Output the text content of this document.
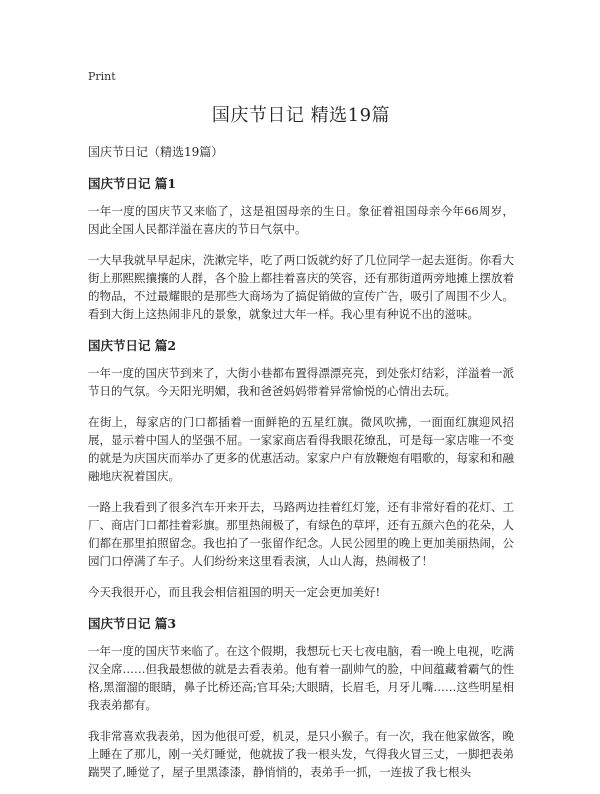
Print
国庆节日记 精选19篇

国庆节日记（精选19篇）

国庆节日记 篇1

一年一度的国庆节又来临了，这是祖国母亲的生日。象征着祖国母亲今年66周岁，因此全国人民都洋溢在喜庆的节日气氛中。

一大早我就早早起床，洗漱完毕，吃了两口饭就约好了几位同学一起去逛街。你看大街上那熙熙攘攘的人群，各个脸上都挂着喜庆的笑容，还有那街道两旁地摊上摆放着的物品，不过最耀眼的是那些大商场为了搞促销做的宣传广告，吸引了周围不少人。看到大街上这热闹非凡的景象，就象过大年一样。我心里有种说不出的滋味。

国庆节日记 篇2

一年一度的国庆节到来了，大街小巷都布置得漂漂亮亮，到处张灯结彩，洋溢着一派节日的气氛。今天阳光明媚，我和爸爸妈妈带着异常愉悦的心情出去玩。

在街上，每家店的门口都插着一面鲜艳的五星红旗。微风吹拂，一面面红旗迎风招展，显示着中国人的坚强不屈。一家家商店看得我眼花缭乱，可是每一家店唯一不变的就是为庆国庆而举办了更多的优惠活动。家家户户有放鞭炮有唱歌的，每家和和融融地庆祝着国庆。

一路上我看到了很多汽车开来开去，马路两边挂着红灯笼，还有非常好看的花灯、工厂、商店门口都挂着彩旗。那里热闹极了，有绿色的草坪，还有五颜六色的花朵，人们都在那里拍照留念。我也拍了一张留作纪念。人民公园里的晚上更加美丽热闹，公园门口停满了车子。人们纷纷来这里看表演，人山人海，热闹极了！

今天我很开心，而且我会相信祖国的明天一定会更加美好!

国庆节日记 篇3

一年一度的国庆节来临了。在这个假期，我想玩七天七夜电脑，看一晚上电视，吃满汉全席……但我最想做的就是去看表弟。他有着一副帅气的脸，中间蕴藏着霸气的性格,黑溜溜的眼睛，鼻子比桥还高;官耳朵;大眼睛，长眉毛，月牙儿嘴……这些明星相我表弟都有。

我非常喜欢我表弟，因为他很可爱，机灵，是只小猴子。有一次，我在他家做客，晚上睡在了那儿，刚一关灯睡觉，他就拔了我一根头发，气得我火冒三丈，一脚把表弟踹哭了,睡觉了，屋子里黑漆漆，静悄悄的，表弟手一抓，一连拔了我七根头
